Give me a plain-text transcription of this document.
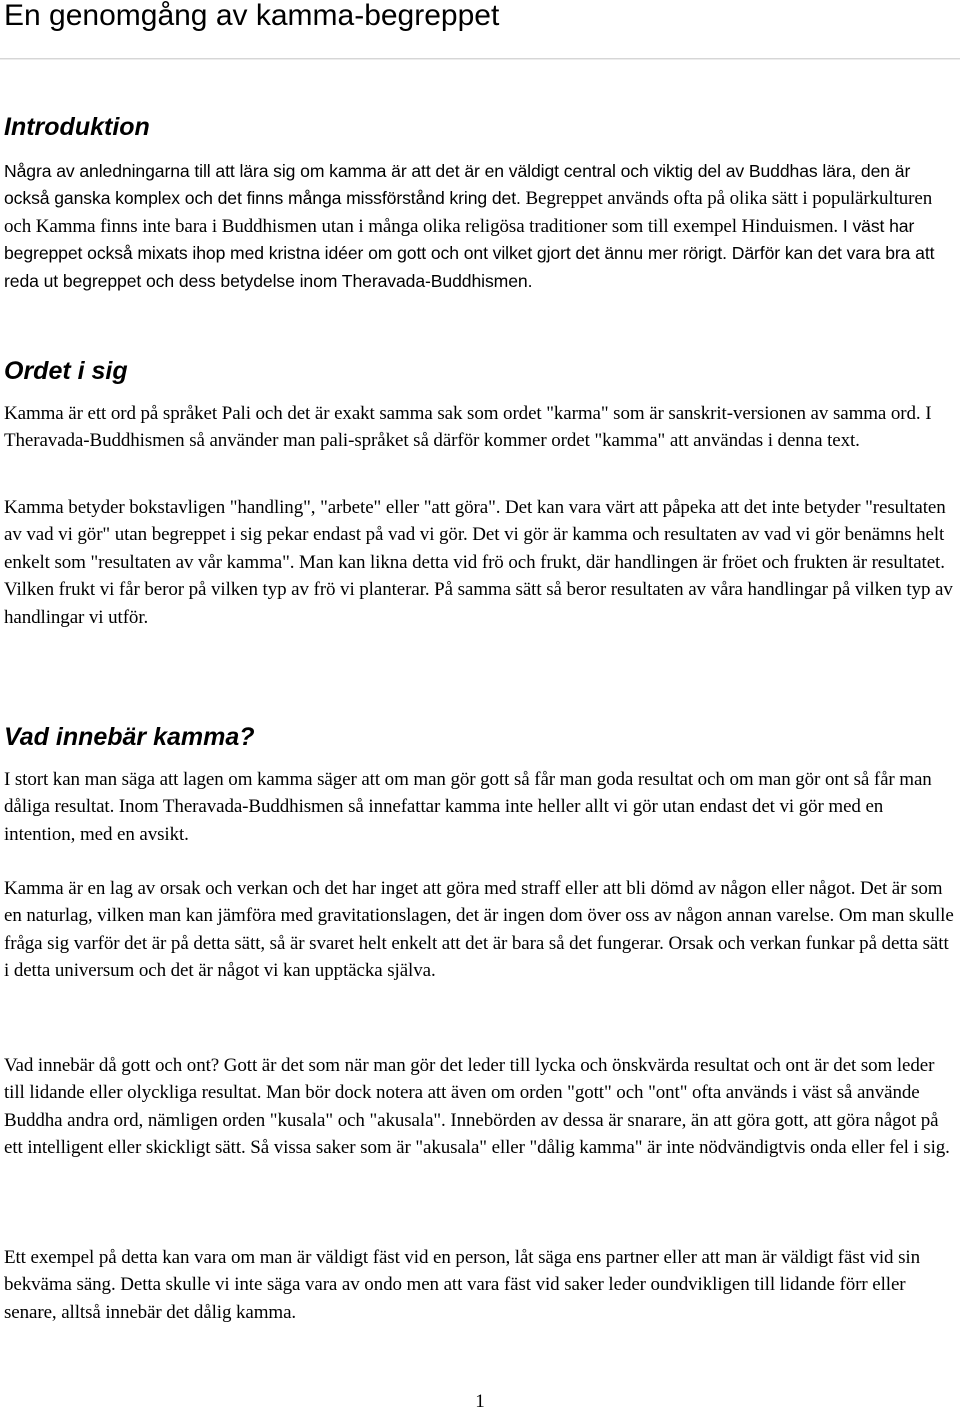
En genomgång av kamma-begreppet
Introduktion

Några av anledningarna till att lära sig om kamma är att det är en väldigt central och viktig del av Buddhas lära, den är också ganska komplex och det finns många missförstånd kring det. Begreppet används ofta på olika sätt i populärkulturen och Kamma finns inte bara i Buddhismen utan i många olika religösa traditioner som till exempel Hinduismen. I väst har begreppet också mixats ihop med kristna idéer om gott och ont vilket gjort det ännu mer rörigt. Därför kan det vara bra att reda ut begreppet och dess betydelse inom Theravada-Buddhismen.

Ordet i sig

Kamma är ett ord på språket Pali och det är exakt samma sak som ordet "karma" som är sanskrit-versionen av samma ord. I Theravada-Buddhismen så använder man pali-språket så därför kommer ordet "kamma" att användas i denna text.

Kamma betyder bokstavligen "handling", "arbete" eller "att göra". Det kan vara värt att påpeka att det inte betyder "resultaten av vad vi gör" utan begreppet i sig pekar endast på vad vi gör. Det vi gör är kamma och resultaten av vad vi gör benämns helt enkelt som "resultaten av vår kamma". Man kan likna detta vid frö och frukt, där handlingen är fröet och frukten är resultatet. Vilken frukt vi får beror på vilken typ av frö vi planterar. På samma sätt så beror resultaten av våra handlingar på vilken typ av handlingar vi utför.

Vad innebär kamma?

I stort kan man säga att lagen om kamma säger att om man gör gott så får man goda resultat och om man gör ont så får man dåliga resultat. Inom Theravada-Buddhismen så innefattar kamma inte heller allt vi gör utan endast det vi gör med en intention, med en avsikt.

Kamma är en lag av orsak och verkan och det har inget att göra med straff eller att bli dömd av någon eller något. Det är som en naturlag, vilken man kan jämföra med gravitationslagen, det är ingen dom över oss av någon annan varelse. Om man skulle fråga sig varför det är på detta sätt, så är svaret helt enkelt att det är bara så det fungerar. Orsak och verkan funkar på detta sätt i detta universum och det är något vi kan upptäcka själva.

Vad innebär då gott och ont? Gott är det som när man gör det leder till lycka och önskvärda resultat och ont är det som leder till lidande eller olyckliga resultat. Man bör dock notera att även om orden "gott" och "ont" ofta används i väst så använde Buddha andra ord, nämligen orden "kusala" och "akusala". Innebörden av dessa är snarare, än att göra gott, att göra något på ett intelligent eller skickligt sätt. Så vissa saker som är "akusala" eller "dålig kamma" är inte nödvändigtvis onda eller fel i sig.

Ett exempel på detta kan vara om man är väldigt fäst vid en person, låt säga ens partner eller att man är väldigt fäst vid sin bekväma säng. Detta skulle vi inte säga vara av ondo men att vara fäst vid saker leder oundvikligen till lidande förr eller senare, alltså innebär det dålig kamma.

1
